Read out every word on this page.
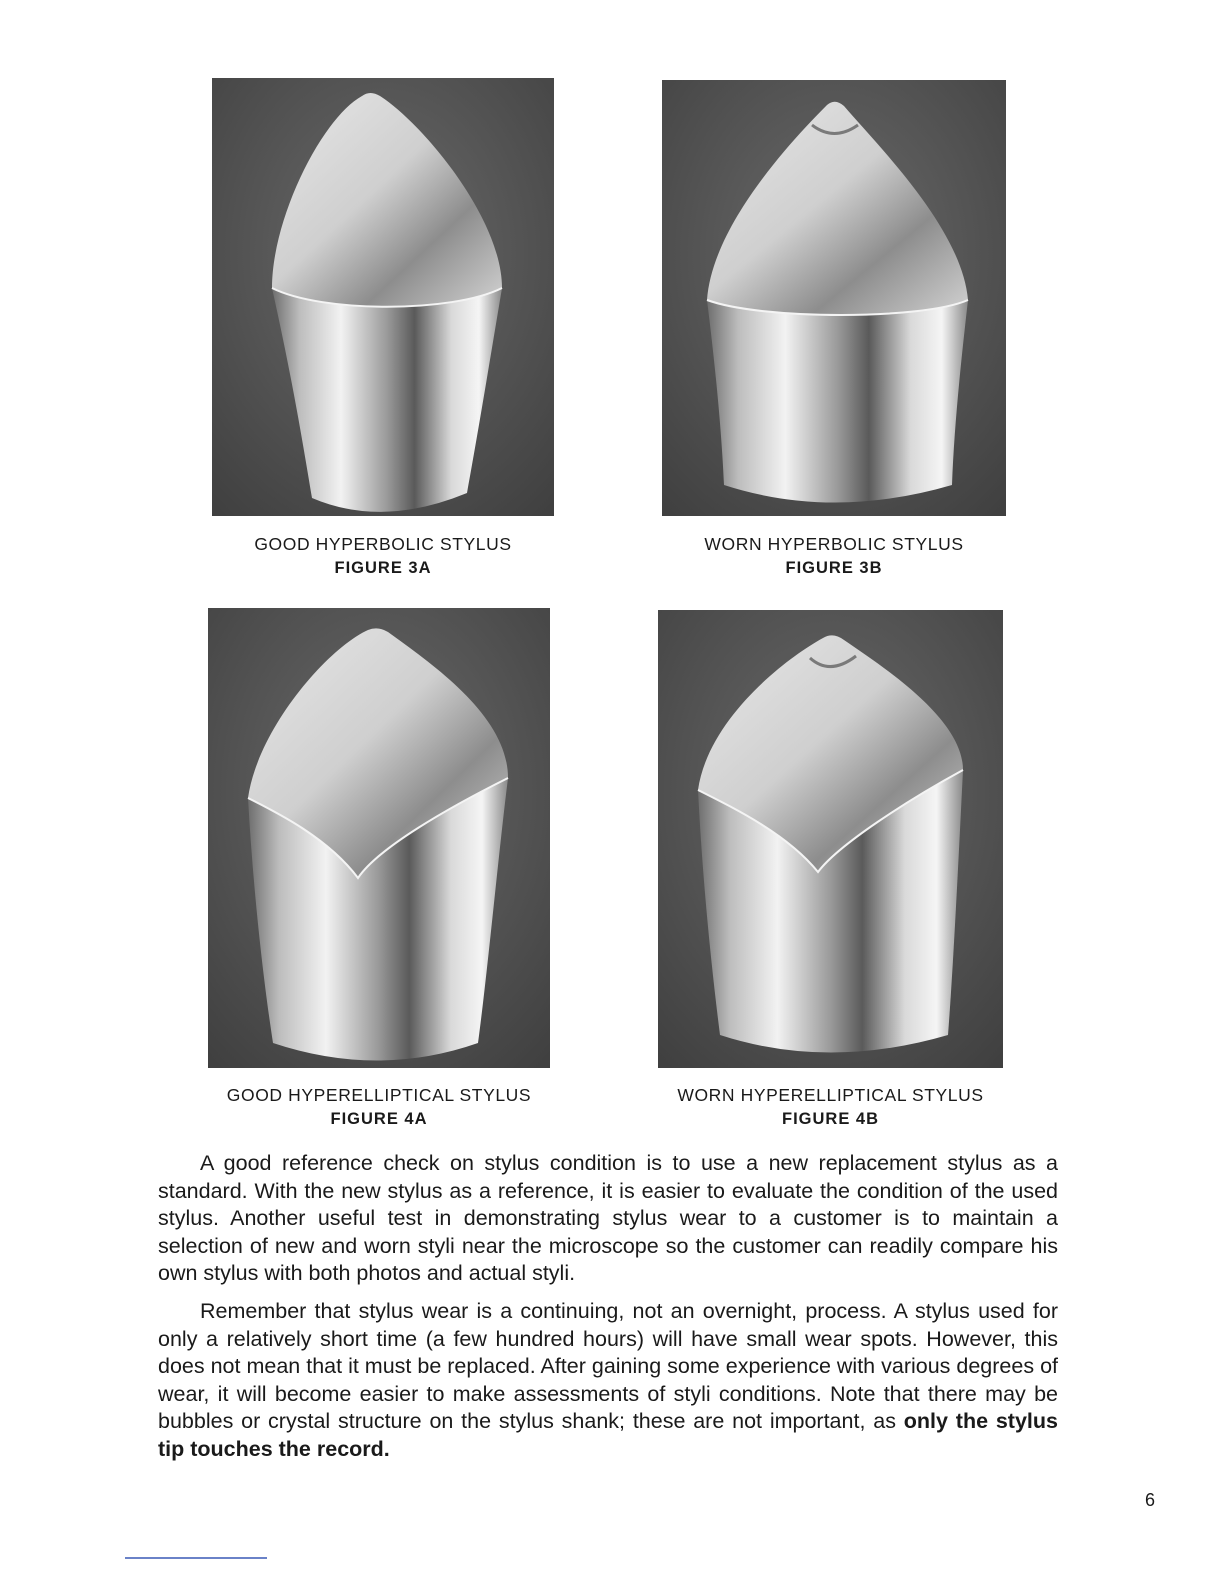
GOOD HYPERBOLIC STYLUS
FIGURE 3A
WORN HYPERBOLIC STYLUS
FIGURE 3B
GOOD HYPERELLIPTICAL STYLUS
FIGURE 4A
WORN HYPERELLIPTICAL STYLUS
FIGURE 4B

A good reference check on stylus condition is to use a new replacement stylus as a standard. With the new stylus as a reference, it is easier to evaluate the condition of the used stylus. Another useful test in demonstrating stylus wear to a customer is to maintain a selection of new and worn styli near the microscope so the customer can readily compare his own stylus with both photos and actual styli.

Remember that stylus wear is a continuing, not an overnight, process. A stylus used for only a relatively short time (a few hundred hours) will have small wear spots. However, this does not mean that it must be replaced. After gaining some experience with various degrees of wear, it will become easier to make assessments of styli conditions. Note that there may be bubbles or crystal structure on the stylus shank; these are not important, as only the stylus tip touches the record.

6
